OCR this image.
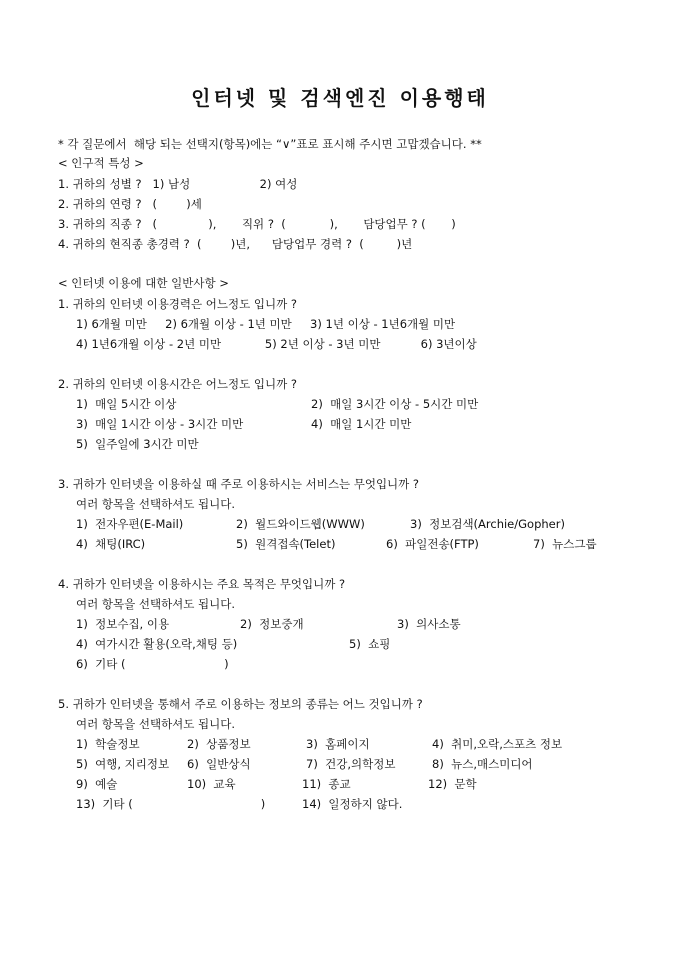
인터넷 및 검색엔진 이용행태
* 각 질문에서  해당 되는 선택지(항목)에는 “∨”표로 표시해 주시면 고맙겠습니다. **
< 인구적 특성 >
1. 귀하의 성별 ?   1) 남성                   2) 여성
2. 귀하의 연령 ?   (        )세
3. 귀하의 직종 ?   (              ),       직위 ?  (            ),       담당업무 ? (       )
4. 귀하의 현직종 총경력 ?  (        )년,      담당업무 경력 ?  (         )년
< 인터넷 이용에 대한 일반사항 >
1. 귀하의 인터넷 이용경력은 어느정도 입니까 ?
1) 6개월 미만     2) 6개월 이상 - 1년 미만     3) 1년 이상 - 1년6개월 미만
4) 1년6개월 이상 - 2년 미만            5) 2년 이상 - 3년 미만           6) 3년이상
2. 귀하의 인터넷 이용시간은 어느정도 입니까 ?
1)  매일 5시간 이상	2)  매일 3시간 이상 - 5시간 미만
3)  매일 1시간 이상 - 3시간 미만	4)  매일 1시간 미만
5)  일주일에 3시간 미만
3. 귀하가 인터넷을 이용하실 때 주로 이용하시는 서비스는 무엇입니까 ?
여러 항목을 선택하셔도 됩니다.
1)  전자우편(E-Mail)	2)  월드와이드웹(WWW)	3)  정보검색(Archie/Gopher)
4)  채팅(IRC)	5)  원격접속(Telet)	6)  파일전송(FTP)	7)  뉴스그룹
4. 귀하가 인터넷을 이용하시는 주요 목적은 무엇입니까 ?
여러 항목을 선택하셔도 됩니다.
1)  정보수집, 이용	2)  정보중개	3)  의사소통
4)  여가시간 활용(오락,채팅 등)	5)  쇼핑
6)  기타 (                           )
5. 귀하가 인터넷을 통해서 주로 이용하는 정보의 종류는 어느 것입니까 ?
여러 항목을 선택하셔도 됩니다.
1)  학술정보	2)  상품정보	3)  홈페이지	4)  취미,오락,스포츠 정보
5)  여행, 지리정보 6)  일반상식	7)  건강,의학정보	8)  뉴스,매스미디어
9)  예술	10)  교육	11)  종교	12)  문학
13)  기타 (                                   )	14)  일정하지 않다.
